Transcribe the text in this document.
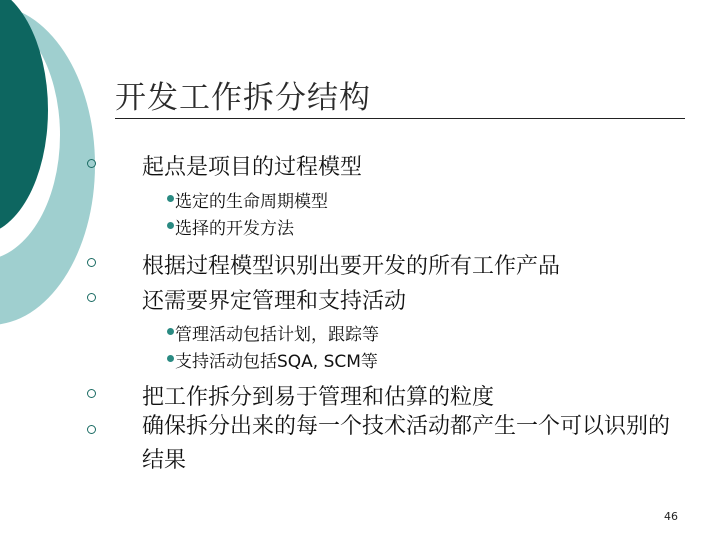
开发工作拆分结构
起点是项目的过程模型
选定的生命周期模型
选择的开发方法
根据过程模型识别出要开发的所有工作产品
还需要界定管理和支持活动
管理活动包括计划，跟踪等
支持活动包括SQA, SCM等
把工作拆分到易于管理和估算的粒度
确保拆分出来的每一个技术活动都产生一个可以识别的结果
46
